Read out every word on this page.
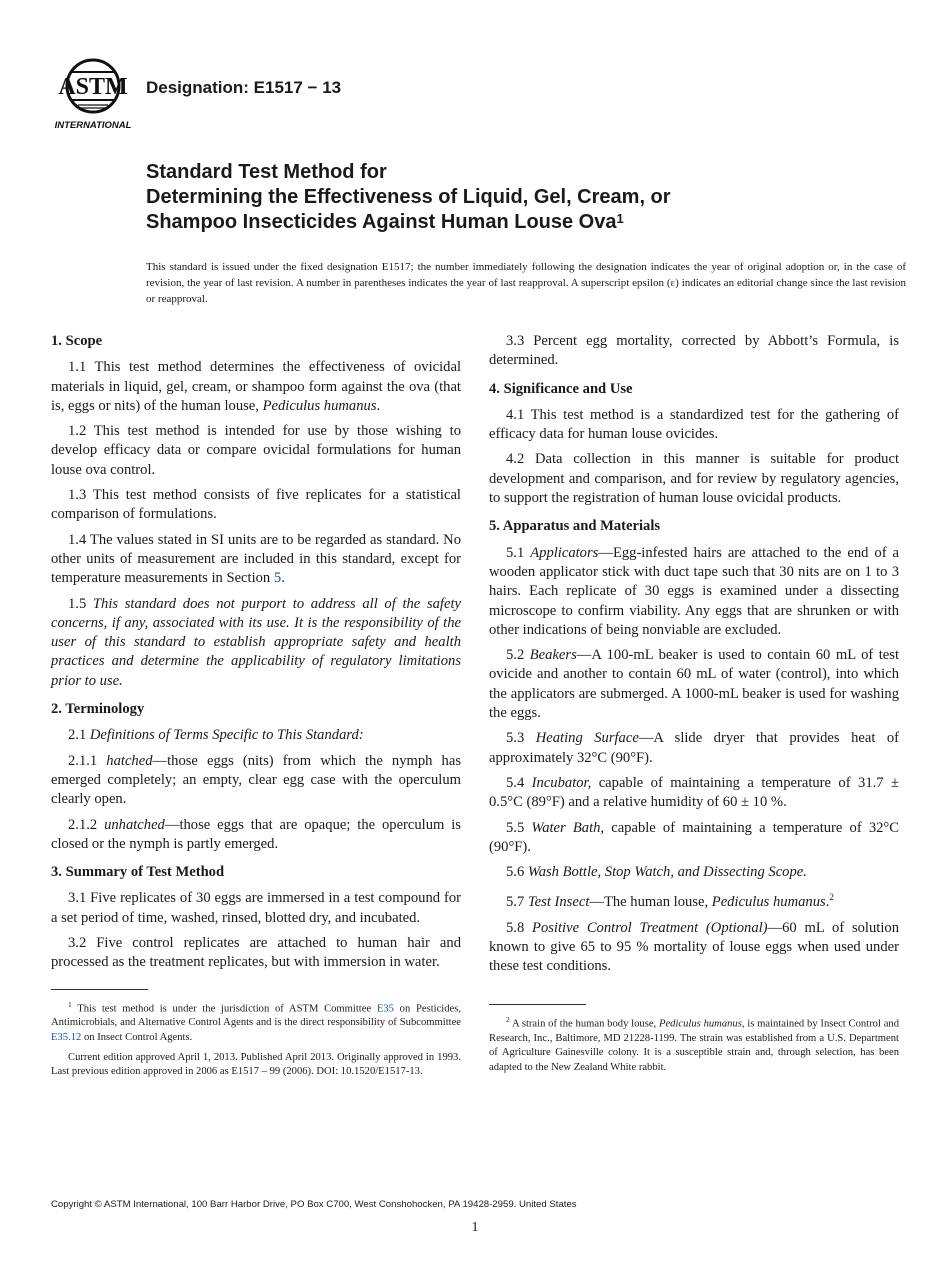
ASTM
INTERNATIONAL
Designation: E1517 − 13
Standard Test Method for
Determining the Effectiveness of Liquid, Gel, Cream, or
Shampoo Insecticides Against Human Louse Ova$^1$
This standard is issued under the fixed designation E1517; the number immediately following the designation indicates the year of original adoption or, in the case of revision, the year of last revision. A number in parentheses indicates the year of last reapproval. A superscript epsilon (ε) indicates an editorial change since the last revision or reapproval.
1. Scope

1.1 This test method determines the effectiveness of ovicidal materials in liquid, gel, cream, or shampoo form against the ova (that is, eggs or nits) of the human louse, Pediculus humanus.

1.2 This test method is intended for use by those wishing to develop efficacy data or compare ovicidal formulations for human louse ova control.

1.3 This test method consists of five replicates for a statistical comparison of formulations.

1.4 The values stated in SI units are to be regarded as standard. No other units of measurement are included in this standard, except for temperature measurements in Section 5.

1.5 This standard does not purport to address all of the safety concerns, if any, associated with its use. It is the responsibility of the user of this standard to establish appropriate safety and health practices and determine the applicability of regulatory limitations prior to use.

2. Terminology

2.1 Definitions of Terms Specific to This Standard:

2.1.1 hatched—those eggs (nits) from which the nymph has emerged completely; an empty, clear egg case with the operculum clearly open.

2.1.2 unhatched—those eggs that are opaque; the operculum is closed or the nymph is partly emerged.

3. Summary of Test Method

3.1 Five replicates of 30 eggs are immersed in a test compound for a set period of time, washed, rinsed, blotted dry, and incubated.

3.2 Five control replicates are attached to human hair and processed as the treatment replicates, but with immersion in water.

$^1$ This test method is under the jurisdiction of ASTM Committee E35 on Pesticides, Antimicrobials, and Alternative Control Agents and is the direct responsibility of Subcommittee E35.12 on Insect Control Agents.

Current edition approved April 1, 2013. Published April 2013. Originally approved in 1993. Last previous edition approved in 2006 as E1517 – 99 (2006). DOI: 10.1520/E1517-13.

3.3 Percent egg mortality, corrected by Abbott’s Formula, is determined.

4. Significance and Use

4.1 This test method is a standardized test for the gathering of efficacy data for human louse ovicides.

4.2 Data collection in this manner is suitable for product development and comparison, and for review by regulatory agencies, to support the registration of human louse ovicidal products.

5. Apparatus and Materials

5.1 Applicators—Egg-infested hairs are attached to the end of a wooden applicator stick with duct tape such that 30 nits are on 1 to 3 hairs. Each replicate of 30 eggs is examined under a dissecting microscope to confirm viability. Any eggs that are shrunken or with other indications of being nonviable are excluded.

5.2 Beakers—A 100-mL beaker is used to contain 60 mL of test ovicide and another to contain 60 mL of water (control), into which the applicators are submerged. A 1000-mL beaker is used for washing the eggs.

5.3 Heating Surface—A slide dryer that provides heat of approximately 32°C (90°F).

5.4 Incubator, capable of maintaining a temperature of 31.7 ± 0.5°C (89°F) and a relative humidity of 60 ± 10 %.

5.5 Water Bath, capable of maintaining a temperature of 32°C (90°F).

5.6 Wash Bottle, Stop Watch, and Dissecting Scope.

5.7 Test Insect—The human louse, Pediculus humanus.$^2$

5.8 Positive Control Treatment (Optional)—60 mL of solution known to give 65 to 95 % mortality of louse eggs when used under these test conditions.

$^2$ A strain of the human body louse, Pediculus humanus, is maintained by Insect Control and Research, Inc., Baltimore, MD 21228-1199. The strain was established from a U.S. Department of Agriculture Gainesville colony. It is a susceptible strain and, through selection, has been adapted to the New Zealand White rabbit.

Copyright © ASTM International, 100 Barr Harbor Drive, PO Box C700, West Conshohocken, PA 19428-2959. United States
1
